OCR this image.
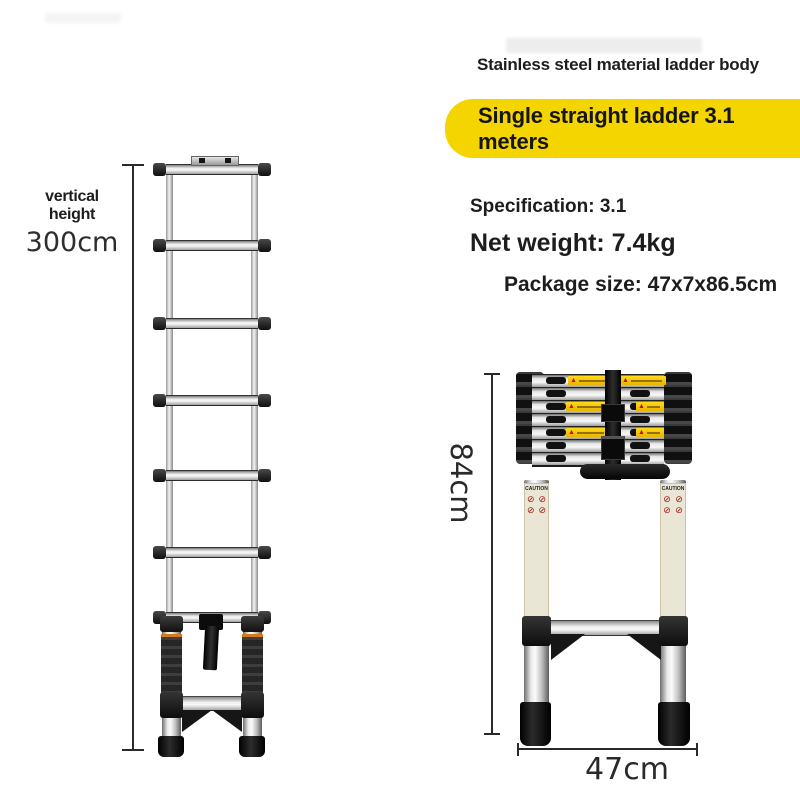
Stainless steel material ladder body
Single straight ladder 3.1 meters
Specification: 3.1
Net weight: 7.4kg
Package size: 47x7x86.5cm
vertical height
300cm
84cm
47cm
▲	▲
▲	▲
▲	▲
CAUTION
⊘ ⊘
⊘ ⊘
CAUTION
⊘ ⊘
⊘ ⊘
